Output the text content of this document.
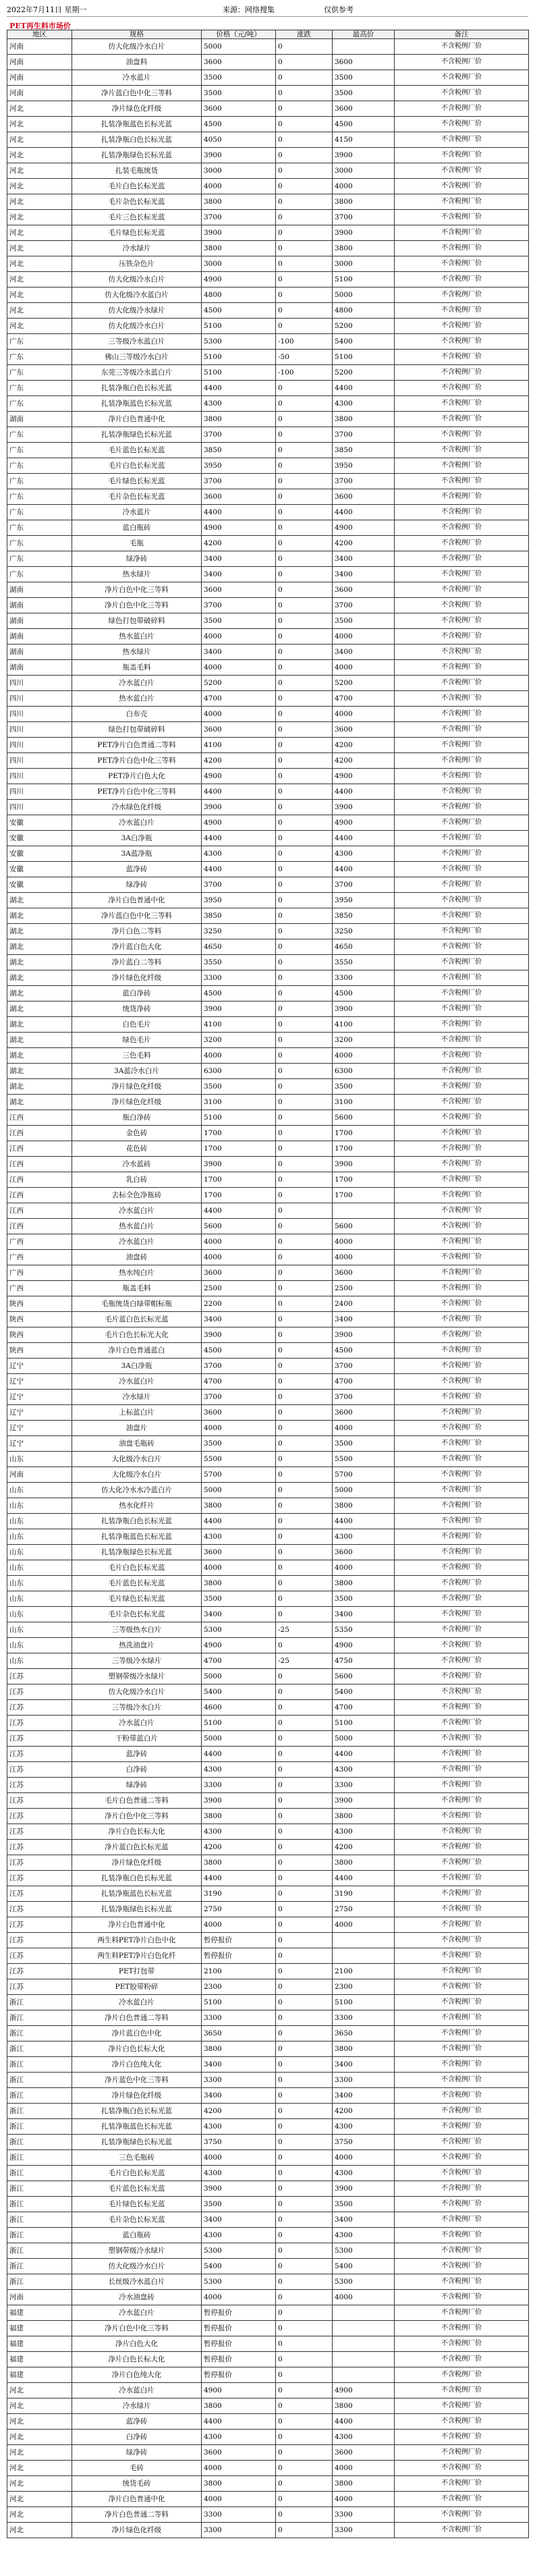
2022年7月11日 星期一	来源：网络搜集	仅供参考
PET再生料市场价
地区	规格	价格（元/吨）	涨跌	最高价	备注
河南	仿大化级冷水白片	5000	0		不含税例厂价
河南	油盘料	3600	0	3600	不含税例厂价
河南	冷水蓝片	3500	0	3500	不含税例厂价
河南	净片蓝白色中化三等料	3500	0	3500	不含税例厂价
河北	净片绿色化纤级	3600	0	3600	不含税例厂价
河北	扎装净瓶蓝色长标光蓝	4500	0	4500	不含税例厂价
河北	扎装净瓶白色长标光蓝	4050	0	4150	不含税例厂价
河北	扎装净瓶绿色长标光蓝	3900	0	3900	不含税例厂价
河北	扎装毛瓶统货	3000	0	3000	不含税例厂价
河北	毛片白色长标光蓝	4000	0	4000	不含税例厂价
河北	毛片杂色长标光蓝	3800	0	3800	不含税例厂价
河北	毛片三色长标光蓝	3700	0	3700	不含税例厂价
河北	毛片绿色长标光蓝	3900	0	3900	不含税例厂价
河北	冷水绿片	3800	0	3800	不含税例厂价
河北	压铁杂色片	3000	0	3000	不含税例厂价
河北	仿大化级冷水白片	4900	0	5100	不含税例厂价
河北	仿大化级冷水蓝白片	4800	0	5000	不含税例厂价
河北	仿大化级冷水绿片	4500	0	4800	不含税例厂价
河北	仿大化级冷水白片	5100	0	5200	不含税例厂价
广东	三等级冷水蓝白片	5300	-100	5400	不含税例厂价
广东	佛山三等级冷水白片	5100	-50	5100	不含税例厂价
广东	东莞三等级冷水蓝白片	5100	-100	5200	不含税例厂价
广东	扎装净瓶白色长标光蓝	4400	0	4400	不含税例厂价
广东	扎装净瓶蓝色长标光蓝	4300	0	4300	不含税例厂价
湖南	净片白色普通中化	3800	0	3800	不含税例厂价
广东	扎装净瓶绿色长标光蓝	3700	0	3700	不含税例厂价
广东	毛片蓝色长标光蓝	3850	0	3850	不含税例厂价
广东	毛片白色长标光蓝	3950	0	3950	不含税例厂价
广东	毛片绿色长标光蓝	3700	0	3700	不含税例厂价
广东	毛片杂色长标光蓝	3600	0	3600	不含税例厂价
广东	冷水蓝片	4400	0	4400	不含税例厂价
广东	蓝白瓶砖	4900	0	4900	不含税例厂价
广东	毛瓶	4200	0	4200	不含税例厂价
广东	绿净砖	3400	0	3400	不含税例厂价
广东	热水绿片	3400	0	3400	不含税例厂价
湖南	净片白色中化三等料	3600	0	3600	不含税例厂价
湖南	净片白色中化三等料	3700	0	3700	不含税例厂价
湖南	绿色打包带破碎料	3500	0	3500	不含税例厂价
湖南	热水蓝白片	4000	0	4000	不含税例厂价
湖南	热水绿片	3400	0	3400	不含税例厂价
湖南	瓶盖毛料	4000	0	4000	不含税例厂价
四川	冷水蓝白片	5200	0	5200	不含税例厂价
四川	热水蓝白片	4700	0	4700	不含税例厂价
四川	白布壳	4000	0	4000	不含税例厂价
四川	绿色打包带破碎料	3600	0	3600	不含税例厂价
四川	PET净片白色普通二等料	4100	0	4200	不含税例厂价
四川	PET净片白色中化三等料	4200	0	4200	不含税例厂价
四川	PET净片白色大化	4900	0	4900	不含税例厂价
四川	PET净片白色中化三等料	4400	0	4400	不含税例厂价
四川	冷水绿色化纤级	3900	0	3900	不含税例厂价
安徽	冷水蓝白片	4900	0	4900	不含税例厂价
安徽	3A白净瓶	4400	0	4400	不含税例厂价
安徽	3A蓝净瓶	4300	0	4300	不含税例厂价
安徽	蓝净砖	4400	0	4400	不含税例厂价
安徽	绿净砖	3700	0	3700	不含税例厂价
湖北	净片白色普通中化	3950	0	3950	不含税例厂价
湖北	净片蓝白色中化三等料	3850	0	3850	不含税例厂价
湖北	净片白色二等料	3250	0	3250	不含税例厂价
湖北	净片蓝白色大化	4650	0	4650	不含税例厂价
湖北	净片蓝白二等料	3550	0	3550	不含税例厂价
湖北	净片绿色化纤级	3300	0	3300	不含税例厂价
湖北	蓝白净砖	4500	0	4500	不含税例厂价
湖北	统货净砖	3900	0	3900	不含税例厂价
湖北	白色毛片	4100	0	4100	不含税例厂价
湖北	绿色毛片	3200	0	3200	不含税例厂价
湖北	三色毛料	4000	0	4000	不含税例厂价
湖北	3A蓝冷水白片	6300	0	6300	不含税例厂价
湖北	净片绿色化纤级	3500	0	3500	不含税例厂价
湖北	净片绿色化纤级	3100	0	3100	不含税例厂价
江西	瓶白净砖	5100	0	5600	不含税例厂价
江西	金色砖	1700	0	1700	不含税例厂价
江西	花色砖	1700	0	1700	不含税例厂价
江西	冷水蓝砖	3900	0	3900	不含税例厂价
江西	乳白砖	1700	0	1700	不含税例厂价
江西	去标全色净瓶砖	1700	0	1700	不含税例厂价
江西	冷水蓝白片	4400	0		不含税例厂价
江西	热水蓝白片	5600	0	5600	不含税例厂价
广西	冷水蓝白片	4000	0	4000	不含税例厂价
广西	油盘砖	4000	0	4000	不含税例厂价
广西	热水纯白片	3600	0	3600	不含税例厂价
广西	瓶盖毛料	2500	0	2500	不含税例厂价
陕西	毛瓶统货白绿带帽标瓶	2200	0	2400	不含税例厂价
陕西	毛片蓝白色长标光蓝	3400	0	3400	不含税例厂价
陕西	毛片白色长标光大化	3900	0	3900	不含税例厂价
陕西	净片白色普通蓝白	4500	0	4500	不含税例厂价
辽宁	3A白净瓶	3700	0	3700	不含税例厂价
辽宁	冷水蓝白片	4700	0	4700	不含税例厂价
辽宁	冷水绿片	3700	0	3700	不含税例厂价
辽宁	上标蓝白片	3600	0	3600	不含税例厂价
辽宁	油盘片	4000	0	4000	不含税例厂价
辽宁	油盘毛瓶砖	3500	0	3500	不含税例厂价
山东	大化级冷水白片	5500	0	5500	不含税例厂价
河南	大化级冷水白片	5700	0	5700	不含税例厂价
山东	仿大化冷水水冷蓝白片	5000	0	5000	不含税例厂价
山东	热水化纤片	3800	0	3800	不含税例厂价
山东	扎装净瓶白色长标光蓝	4400	0	4400	不含税例厂价
山东	扎装净瓶蓝色长标光蓝	4300	0	4300	不含税例厂价
山东	扎装净瓶绿色长标光蓝	3600	0	3600	不含税例厂价
山东	毛片白色长标光蓝	4000	0	4000	不含税例厂价
山东	毛片蓝色长标光蓝	3800	0	3800	不含税例厂价
山东	毛片绿色长标光蓝	3500	0	3500	不含税例厂价
山东	毛片杂色长标光蓝	3400	0	3400	不含税例厂价
山东	三等级热水白片	5300	-25	5350	不含税例厂价
山东	热洗油盘片	4900	0	4900	不含税例厂价
山东	三等级冷水绿片	4700	-25	4750	不含税例厂价
江苏	塑钢带级冷水绿片	5000	0	5600	不含税例厂价
江苏	仿大化级冷水白片	5400	0	5400	不含税例厂价
江苏	三等级冷水白片	4600	0	4700	不含税例厂价
江苏	冷水蓝白片	5100	0	5100	不含税例厂价
江苏	干粉带蓝白片	5000	0	5000	不含税例厂价
江苏	蓝净砖	4400	0	4400	不含税例厂价
江苏	白净砖	4300	0	4300	不含税例厂价
江苏	绿净砖	3300	0	3300	不含税例厂价
江苏	毛片白色普通二等料	3900	0	3900	不含税例厂价
江苏	净片白色中化三等料	3800	0	3800	不含税例厂价
江苏	净片白色长标大化	4300	0	4300	不含税例厂价
江苏	净片蓝白色长标光蓝	4200	0	4200	不含税例厂价
江苏	净片绿色化纤级	3800	0	3800	不含税例厂价
江苏	扎装净瓶白色长标光蓝	4400	0	4400	不含税例厂价
江苏	扎装净瓶蓝色长标光蓝	3190	0	3190	不含税例厂价
江苏	扎装净瓶绿色长标光蓝	2750	0	2750	不含税例厂价
江苏	净片白色普通中化	4000	0	4000	不含税例厂价
江苏	两生料PET净片白色中化	暂停报价	0		不含税例厂价
江苏	两生料PET净片白色化纤	暂停报价	0		不含税例厂价
江苏	PET打包带	2100	0	2100	不含税例厂价
江苏	PET胶带粉碎	2300	0	2300	不含税例厂价
浙江	冷水蓝白片	5100	0	5100	不含税例厂价
浙江	净片白色普通二等料	3300	0	3300	不含税例厂价
浙江	净片蓝白色中化	3650	0	3650	不含税例厂价
浙江	净片白色长标大化	3800	0	3800	不含税例厂价
浙江	净片白色纯大化	3400	0	3400	不含税例厂价
浙江	净片蓝色中化三等料	3300	0	3300	不含税例厂价
浙江	净片绿色化纤级	3400	0	3400	不含税例厂价
浙江	扎装净瓶白色长标光蓝	4200	0	4200	不含税例厂价
浙江	扎装净瓶蓝色长标光蓝	4300	0	4300	不含税例厂价
浙江	扎装净瓶绿色长标光蓝	3750	0	3750	不含税例厂价
浙江	三色毛瓶砖	4000	0	4000	不含税例厂价
浙江	毛片白色长标光蓝	4300	0	4300	不含税例厂价
浙江	毛片蓝色长标光蓝	3900	0	3900	不含税例厂价
浙江	毛片绿色长标光蓝	3500	0	3500	不含税例厂价
浙江	毛片杂色长标光蓝	3400	0	3400	不含税例厂价
浙江	蓝白瓶砖	4300	0	4300	不含税例厂价
浙江	塑钢带级冷水绿片	5300	0	5300	不含税例厂价
浙江	仿大化级冷水白片	5400	0	5400	不含税例厂价
浙江	长丝级冷水蓝白片	5300	0	5300	不含税例厂价
河南	冷水油盘砖	4000	0	4000	不含税例厂价
福建	冷水蓝白片	暂停报价	0		不含税例厂价
福建	净片白色中化三等料	暂停报价	0		不含税例厂价
福建	净片白色大化	暂停报价	0		不含税例厂价
福建	净片白色长标大化	暂停报价	0		不含税例厂价
福建	净片白色纯大化	暂停报价	0		不含税例厂价
河北	冷水蓝白片	4900	0	4900	不含税例厂价
河北	冷水绿片	3800	0	3800	不含税例厂价
河北	蓝净砖	4400	0	4400	不含税例厂价
河北	白净砖	4300	0	4300	不含税例厂价
河北	绿净砖	3600	0	3600	不含税例厂价
河北	毛砖	4000	0	4000	不含税例厂价
河北	统货毛砖	3800	0	3800	不含税例厂价
河北	净片白色普通中化	4000	0	4000	不含税例厂价
河北	净片白色普通二等料	3300	0	3300	不含税例厂价
河北	净片绿色化纤级	3300	0	3300	不含税例厂价
